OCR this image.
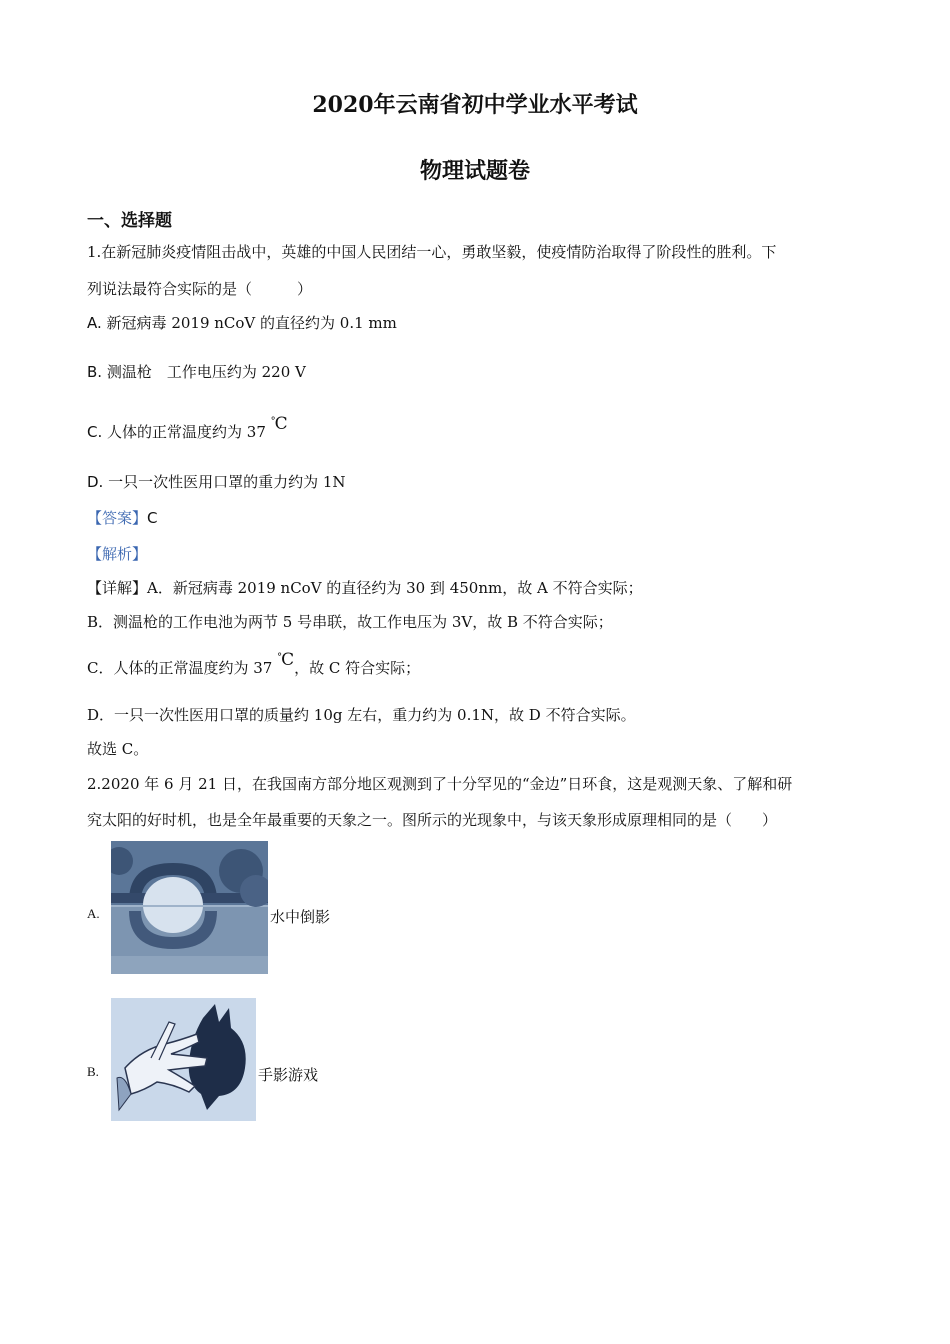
2020年云南省初中学业水平考试
物理试题卷
一、选择题
1.在新冠肺炎疫情阻击战中，英雄的中国人民团结一心，勇敢坚毅，使疫情防治取得了阶段性的胜利。下
列说法最符合实际的是（　　　）
A. 新冠病毒 2019 nCoV 的直径约为 0.1 mm
B. 测温枪　工作电压约为 220 V
C. 人体的正常温度约为 37
° C
D. 一只一次性医用口罩的重力约为 1N
【答案】C
【解析】
【详解】A．新冠病毒 2019 nCoV 的直径约为 30 到 450nm，故 A 不符合实际；
B．测温枪的工作电池为两节 5 号串联，故工作电压为 3V，故 B 不符合实际；
C．人体的正常温度约为 37
° C，故 C 符合实际；
D．一只一次性医用口罩的质量约 10g 左右，重力约为 0.1N，故 D 不符合实际。
故选 C。
2.2020 年 6 月 21 日，在我国南方部分地区观测到了十分罕见的“金边”日环食，这是观测天象、了解和研
究太阳的好时机，也是全年最重要的天象之一。图所示的光现象中，与该天象形成原理相同的是（　　）
A.	水中倒影
B.	手影游戏
